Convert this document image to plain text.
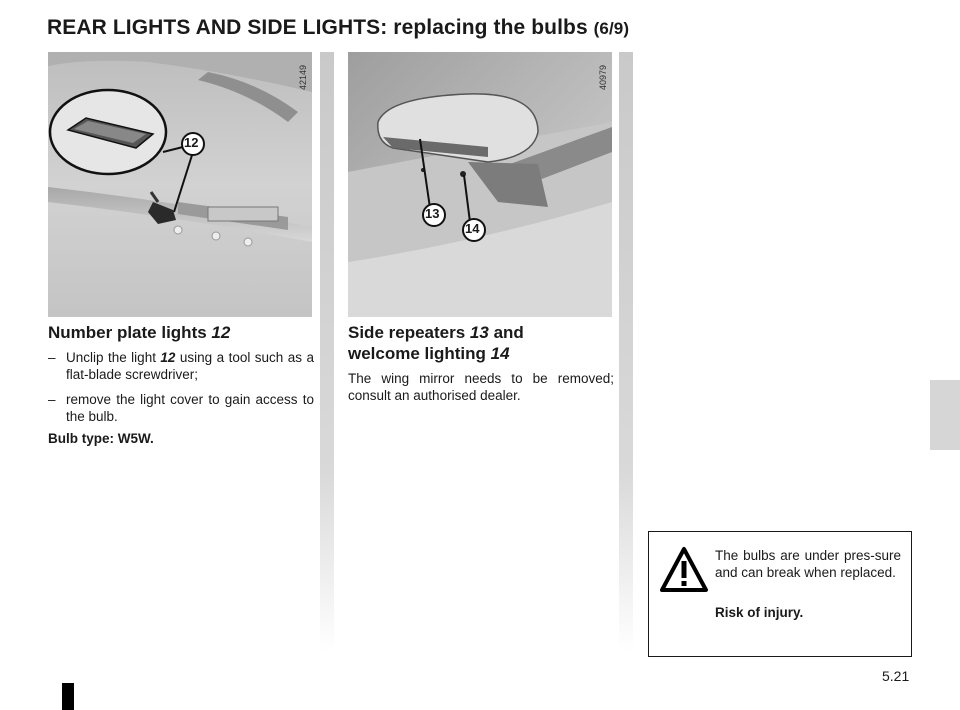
REAR LIGHTS AND SIDE LIGHTS: replacing the bulbs (6/9)
12
42149
13
14
40979
Number plate lights 12
– Unclip the light 12 using a tool such as a flat-blade screwdriver;
– remove the light cover to gain access to the bulb.
Bulb type: W5W.
Side repeaters 13 and
welcome lighting 14
The wing mirror needs to be removed; consult an authorised dealer.
The bulbs are under pres-sure and can break when replaced.
Risk of injury.
5.21
